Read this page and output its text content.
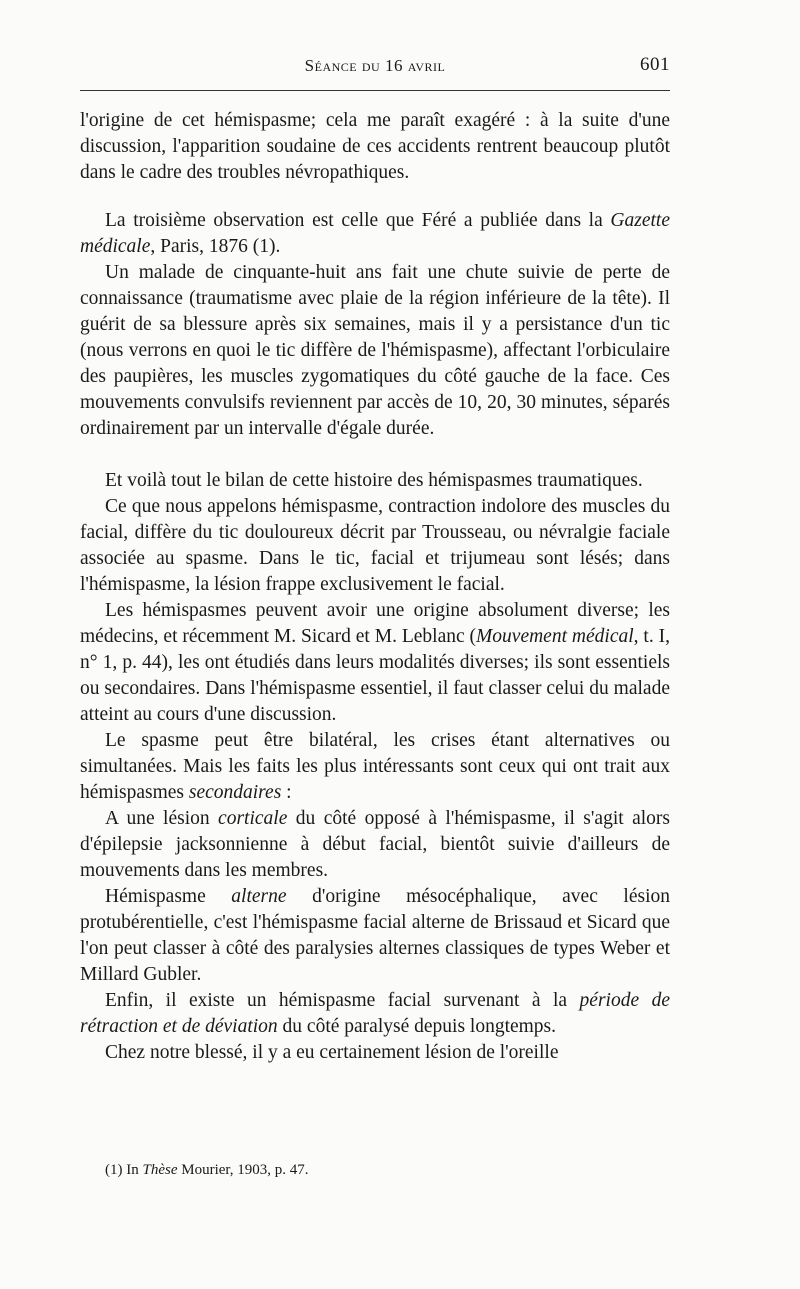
Séance du 16 avril	601

l'origine de cet hémispasme; cela me paraît exagéré : à la suite d'une discussion, l'apparition soudaine de ces accidents rentrent beaucoup plutôt dans le cadre des troubles névropathiques.

La troisième observation est celle que Féré a publiée dans la Gazette médicale, Paris, 1876 (1).

Un malade de cinquante-huit ans fait une chute suivie de perte de connaissance (traumatisme avec plaie de la région inférieure de la tête). Il guérit de sa blessure après six semaines, mais il y a persistance d'un tic (nous verrons en quoi le tic diffère de l'hémispasme), affectant l'orbiculaire des paupières, les muscles zygomatiques du côté gauche de la face. Ces mouvements convulsifs reviennent par accès de 10, 20, 30 minutes, séparés ordinairement par un intervalle d'égale durée.

Et voilà tout le bilan de cette histoire des hémispasmes traumatiques.

Ce que nous appelons hémispasme, contraction indolore des muscles du facial, diffère du tic douloureux décrit par Trousseau, ou névralgie faciale associée au spasme. Dans le tic, facial et trijumeau sont lésés; dans l'hémispasme, la lésion frappe exclusivement le facial.

Les hémispasmes peuvent avoir une origine absolument diverse; les médecins, et récemment M. Sicard et M. Leblanc (Mouvement médical, t. I, n° 1, p. 44), les ont étudiés dans leurs modalités diverses; ils sont essentiels ou secondaires. Dans l'hémispasme essentiel, il faut classer celui du malade atteint au cours d'une discussion.

Le spasme peut être bilatéral, les crises étant alternatives ou simultanées. Mais les faits les plus intéressants sont ceux qui ont trait aux hémispasmes secondaires :

A une lésion corticale du côté opposé à l'hémispasme, il s'agit alors d'épilepsie jacksonnienne à début facial, bientôt suivie d'ailleurs de mouvements dans les membres.

Hémispasme alterne d'origine mésocéphalique, avec lésion protubérentielle, c'est l'hémispasme facial alterne de Brissaud et Sicard que l'on peut classer à côté des paralysies alternes classiques de types Weber et Millard Gubler.

Enfin, il existe un hémispasme facial survenant à la période de rétraction et de déviation du côté paralysé depuis longtemps.

Chez notre blessé, il y a eu certainement lésion de l'oreille

(1) In Thèse Mourier, 1903, p. 47.
